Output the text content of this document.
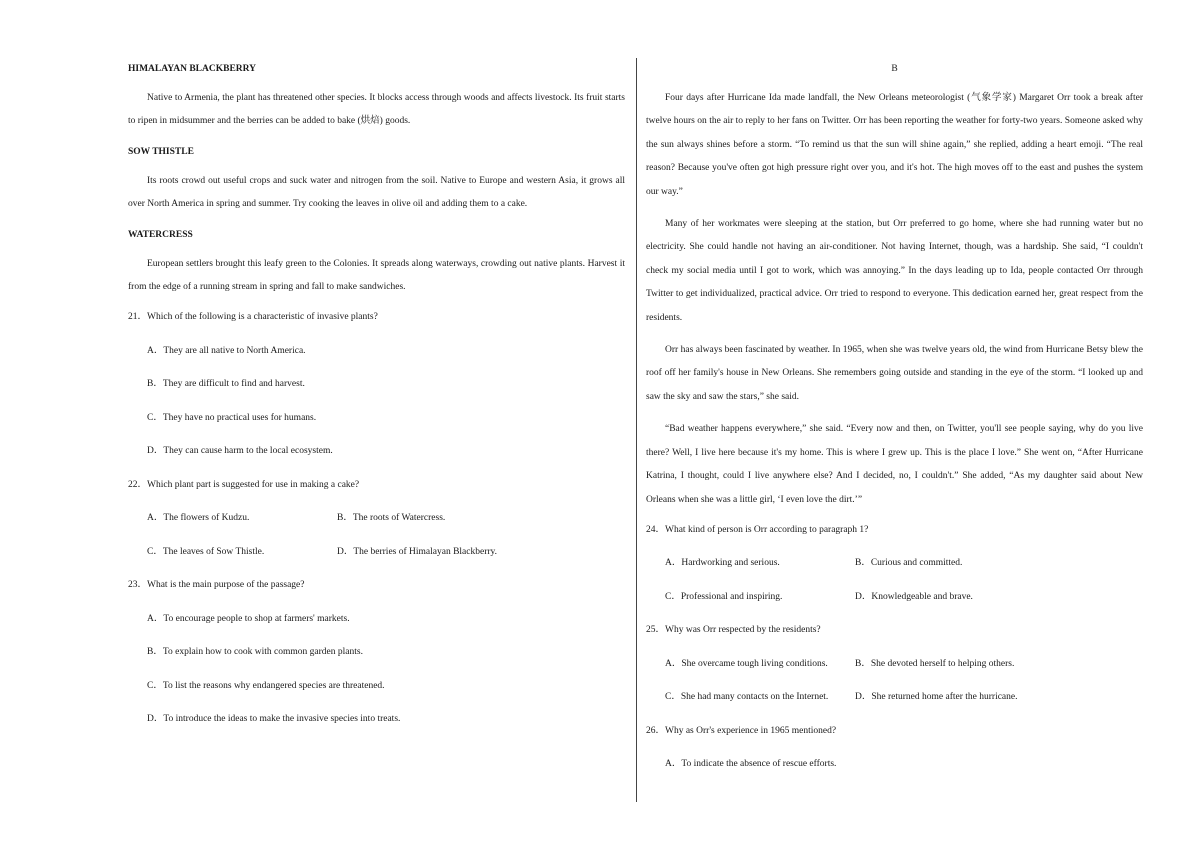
HIMALAYAN BLACKBERRY

Native to Armenia, the plant has threatened other species. It blocks access through woods and affects livestock. Its fruit starts to ripen in midsummer and the berries can be added to bake (烘焙) goods.

SOW THISTLE

Its roots crowd out useful crops and suck water and nitrogen from the soil. Native to Europe and western Asia, it grows all over North America in spring and summer. Try cooking the leaves in olive oil and adding them to a cake.

WATERCRESS

European settlers brought this leafy green to the Colonies. It spreads along waterways, crowding out native plants. Harvest it from the edge of a running stream in spring and fall to make sandwiches.

21．Which of the following is a characteristic of invasive plants?

A．They are all native to North America.

B．They are difficult to find and harvest.

C．They have no practical uses for humans.

D．They can cause harm to the local ecosystem.

22．Which plant part is suggested for use in making a cake?

A．The flowers of Kudzu.	B．The roots of Watercress.
C．The leaves of Sow Thistle.	D．The berries of Himalayan Blackberry.

23．What is the main purpose of the passage?

A．To encourage people to shop at farmers' markets.

B．To explain how to cook with common garden plants.

C．To list the reasons why endangered species are threatened.

D．To introduce the ideas to make the invasive species into treats.

B

Four days after Hurricane Ida made landfall, the New Orleans meteorologist (气象学家) Margaret Orr took a break after twelve hours on the air to reply to her fans on Twitter. Orr has been reporting the weather for forty-two years. Someone asked why the sun always shines before a storm. “To remind us that the sun will shine again,” she replied, adding a heart emoji. “The real reason? Because you've often got high pressure right over you, and it's hot. The high moves off to the east and pushes the system our way.”

Many of her workmates were sleeping at the station, but Orr preferred to go home, where she had running water but no electricity. She could handle not having an air-conditioner. Not having Internet, though, was a hardship. She said, “I couldn't check my social media until I got to work, which was annoying.” In the days leading up to Ida, people contacted Orr through Twitter to get individualized, practical advice. Orr tried to respond to everyone. This dedication earned her, great respect from the residents.

Orr has always been fascinated by weather. In 1965, when she was twelve years old, the wind from Hurricane Betsy blew the roof off her family's house in New Orleans. She remembers going outside and standing in the eye of the storm. “I looked up and saw the sky and saw the stars,” she said.

“Bad weather happens everywhere,” she said. “Every now and then, on Twitter, you'll see people saying, why do you live there? Well, I live here because it's my home. This is where I grew up. This is the place I love.” She went on, “After Hurricane Katrina, I thought, could I live anywhere else? And I decided, no, I couldn't.” She added, “As my daughter said about New Orleans when she was a little girl, ‘I even love the dirt.’”

24．What kind of person is Orr according to paragraph 1?

A．Hardworking and serious.	B．Curious and committed.
C．Professional and inspiring.	D．Knowledgeable and brave.

25．Why was Orr respected by the residents?

A．She overcame tough living conditions.	B．She devoted herself to helping others.
C．She had many contacts on the Internet.	D．She returned home after the hurricane.

26．Why as Orr's experience in 1965 mentioned?

A．To indicate the absence of rescue efforts.
